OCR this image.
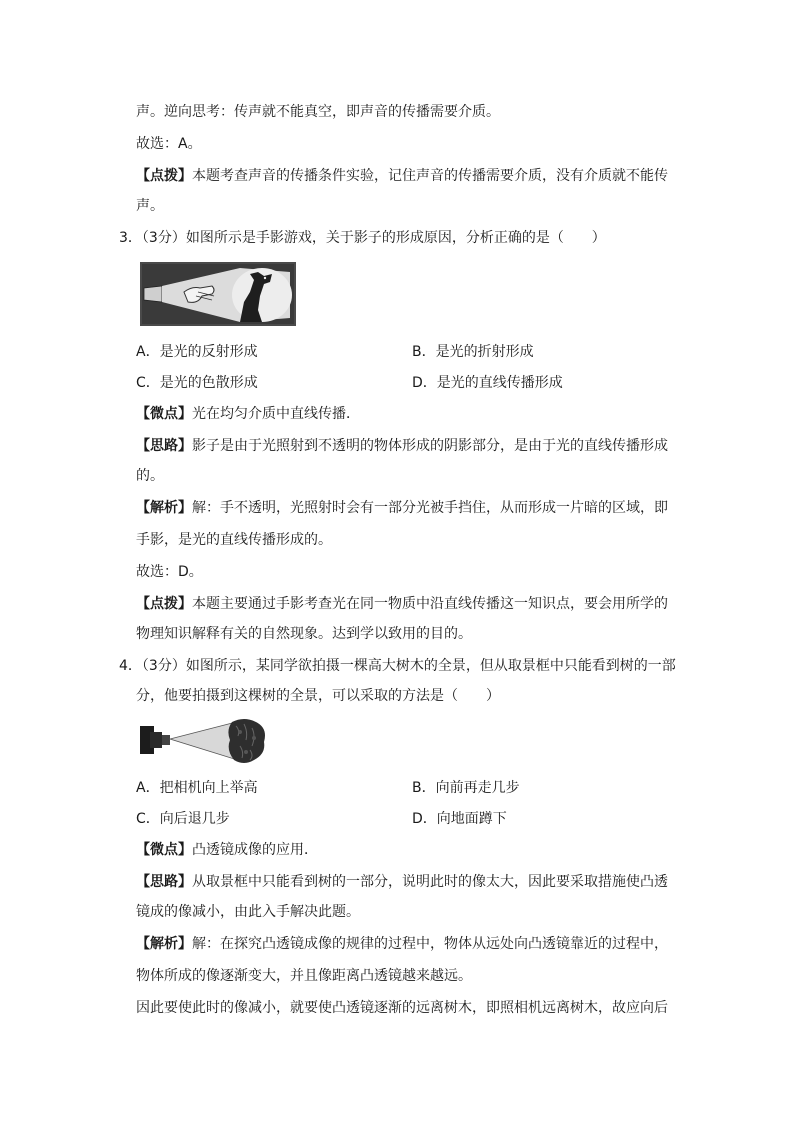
声。逆向思考：传声就不能真空，即声音的传播需要介质。
故选：A。
【点拨】本题考查声音的传播条件实验，记住声音的传播需要介质，没有介质就不能传
声。
3．（3分）如图所示是手影游戏，关于影子的形成原因，分析正确的是（　　）
A．是光的反射形成	B．是光的折射形成
C．是光的色散形成	D．是光的直线传播形成
【微点】光在均匀介质中直线传播．
【思路】影子是由于光照射到不透明的物体形成的阴影部分，是由于光的直线传播形成
的。
【解析】解：手不透明，光照射时会有一部分光被手挡住，从而形成一片暗的区域，即
手影，是光的直线传播形成的。
故选：D。
【点拨】本题主要通过手影考查光在同一物质中沿直线传播这一知识点，要会用所学的
物理知识解释有关的自然现象。达到学以致用的目的。
4．（3分）如图所示，某同学欲拍摄一棵高大树木的全景，但从取景框中只能看到树的一部
分，他要拍摄到这棵树的全景，可以采取的方法是（　　）
A．把相机向上举高	B．向前再走几步
C．向后退几步	D．向地面蹲下
【微点】凸透镜成像的应用．
【思路】从取景框中只能看到树的一部分，说明此时的像太大，因此要采取措施使凸透
镜成的像减小，由此入手解决此题。
【解析】解：在探究凸透镜成像的规律的过程中，物体从远处向凸透镜靠近的过程中，
物体所成的像逐渐变大，并且像距离凸透镜越来越远。
因此要使此时的像减小，就要使凸透镜逐渐的远离树木，即照相机远离树木，故应向后
